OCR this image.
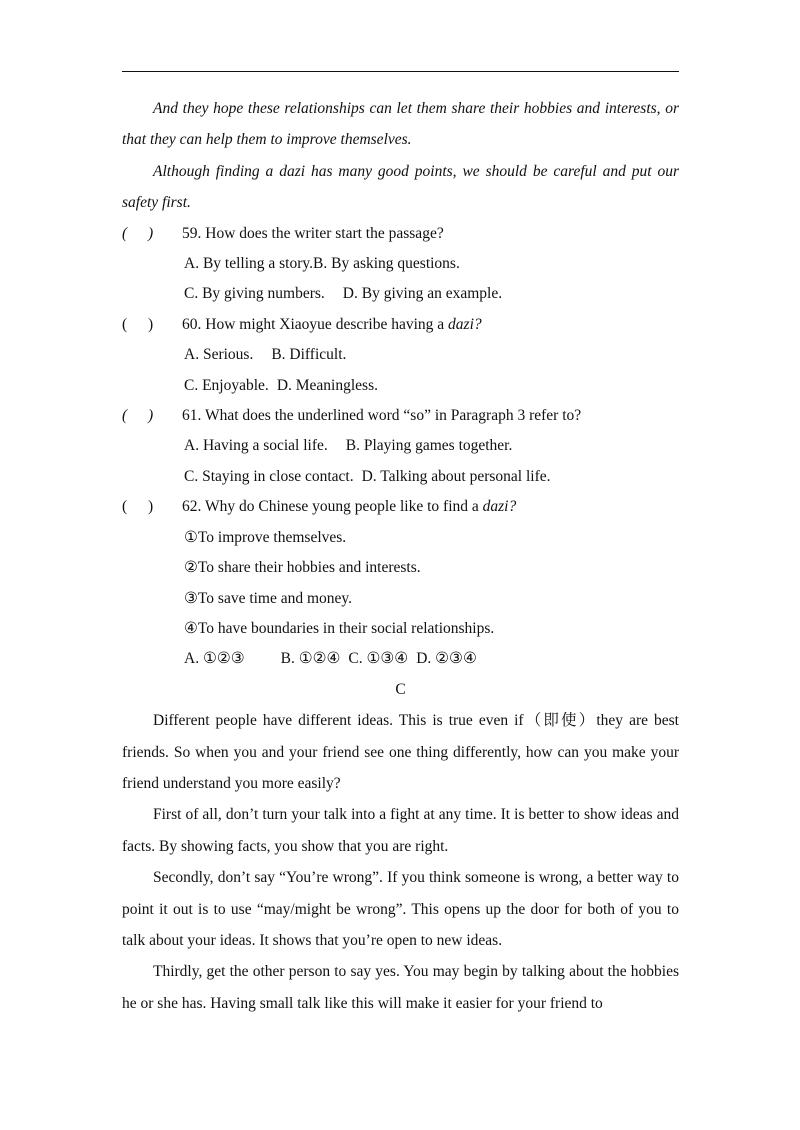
And they hope these relationships can let them share their hobbies and interests, or that they can help them to improve themselves.

Although finding a dazi has many good points, we should be careful and put our safety first.

( ) 59. How does the writer start the passage?

A. By telling a story.B. By asking questions.

C. By giving numbers. D. By giving an example.

( ) 60. How might Xiaoyue describe having a dazi?

A. Serious. B. Difficult.

C. Enjoyable. D. Meaningless.

( ) 61. What does the underlined word “so” in Paragraph 3 refer to?

A. Having a social life. B. Playing games together.

C. Staying in close contact. D. Talking about personal life.

( ) 62. Why do Chinese young people like to find a dazi?

①To improve themselves.

②To share their hobbies and interests.

③To save time and money.

④To have boundaries in their social relationships.

A. ①②③ B. ①②④ C. ①③④ D. ②③④

C

Different people have different ideas. This is true even if（即使）they are best friends. So when you and your friend see one thing differently, how can you make your friend understand you more easily?

First of all, don’t turn your talk into a fight at any time. It is better to show ideas and facts. By showing facts, you show that you are right.

Secondly, don’t say “You’re wrong”. If you think someone is wrong, a better way to point it out is to use “may/might be wrong”. This opens up the door for both of you to talk about your ideas. It shows that you’re open to new ideas.

Thirdly, get the other person to say yes. You may begin by talking about the hobbies he or she has. Having small talk like this will make it easier for your friend to
